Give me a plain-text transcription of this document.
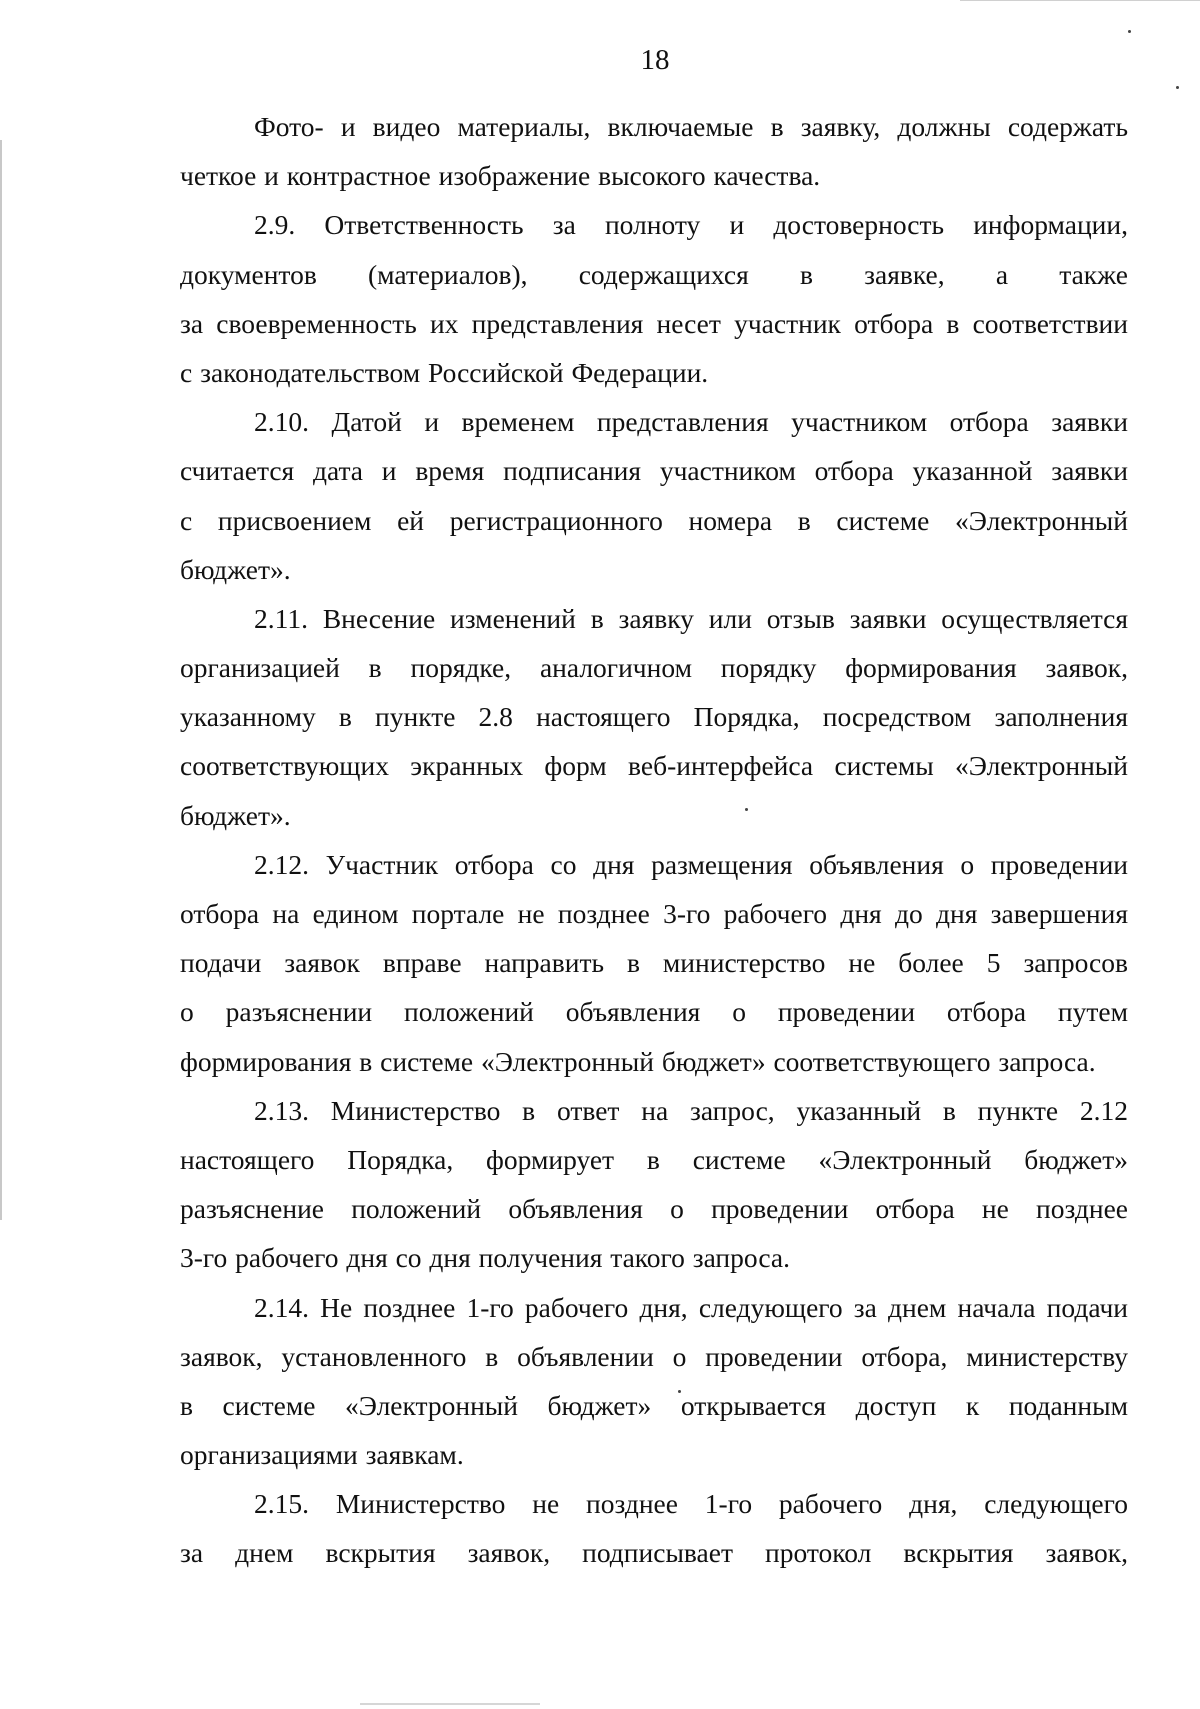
18
Фото- и видео материалы, включаемые в заявку, должны содержать
четкое и контрастное изображение высокого качества.
2.9. Ответственность за полноту и достоверность информации,
документов (материалов), содержащихся в заявке, а также
за своевременность их представления несет участник отбора в соответствии
с законодательством Российской Федерации.
2.10. Датой и временем представления участником отбора заявки
считается дата и время подписания участником отбора указанной заявки
с присвоением ей регистрационного номера в системе «Электронный
бюджет».
2.11. Внесение изменений в заявку или отзыв заявки осуществляется
организацией в порядке, аналогичном порядку формирования заявок,
указанному в пункте 2.8 настоящего Порядка, посредством заполнения
соответствующих экранных форм веб-интерфейса системы «Электронный
бюджет».
2.12. Участник отбора со дня размещения объявления о проведении
отбора на едином портале не позднее 3-го рабочего дня до дня завершения
подачи заявок вправе направить в министерство не более 5 запросов
о разъяснении положений объявления о проведении отбора путем
формирования в системе «Электронный бюджет» соответствующего запроса.
2.13. Министерство в ответ на запрос, указанный в пункте 2.12
настоящего Порядка, формирует в системе «Электронный бюджет»
разъяснение положений объявления о проведении отбора не позднее
3-го рабочего дня со дня получения такого запроса.
2.14. Не позднее 1-го рабочего дня, следующего за днем начала подачи
заявок, установленного в объявлении о проведении отбора, министерству
в системе «Электронный бюджет» открывается доступ к поданным
организациями заявкам.
2.15. Министерство не позднее 1-го рабочего дня, следующего
за днем вскрытия заявок, подписывает протокол вскрытия заявок,
